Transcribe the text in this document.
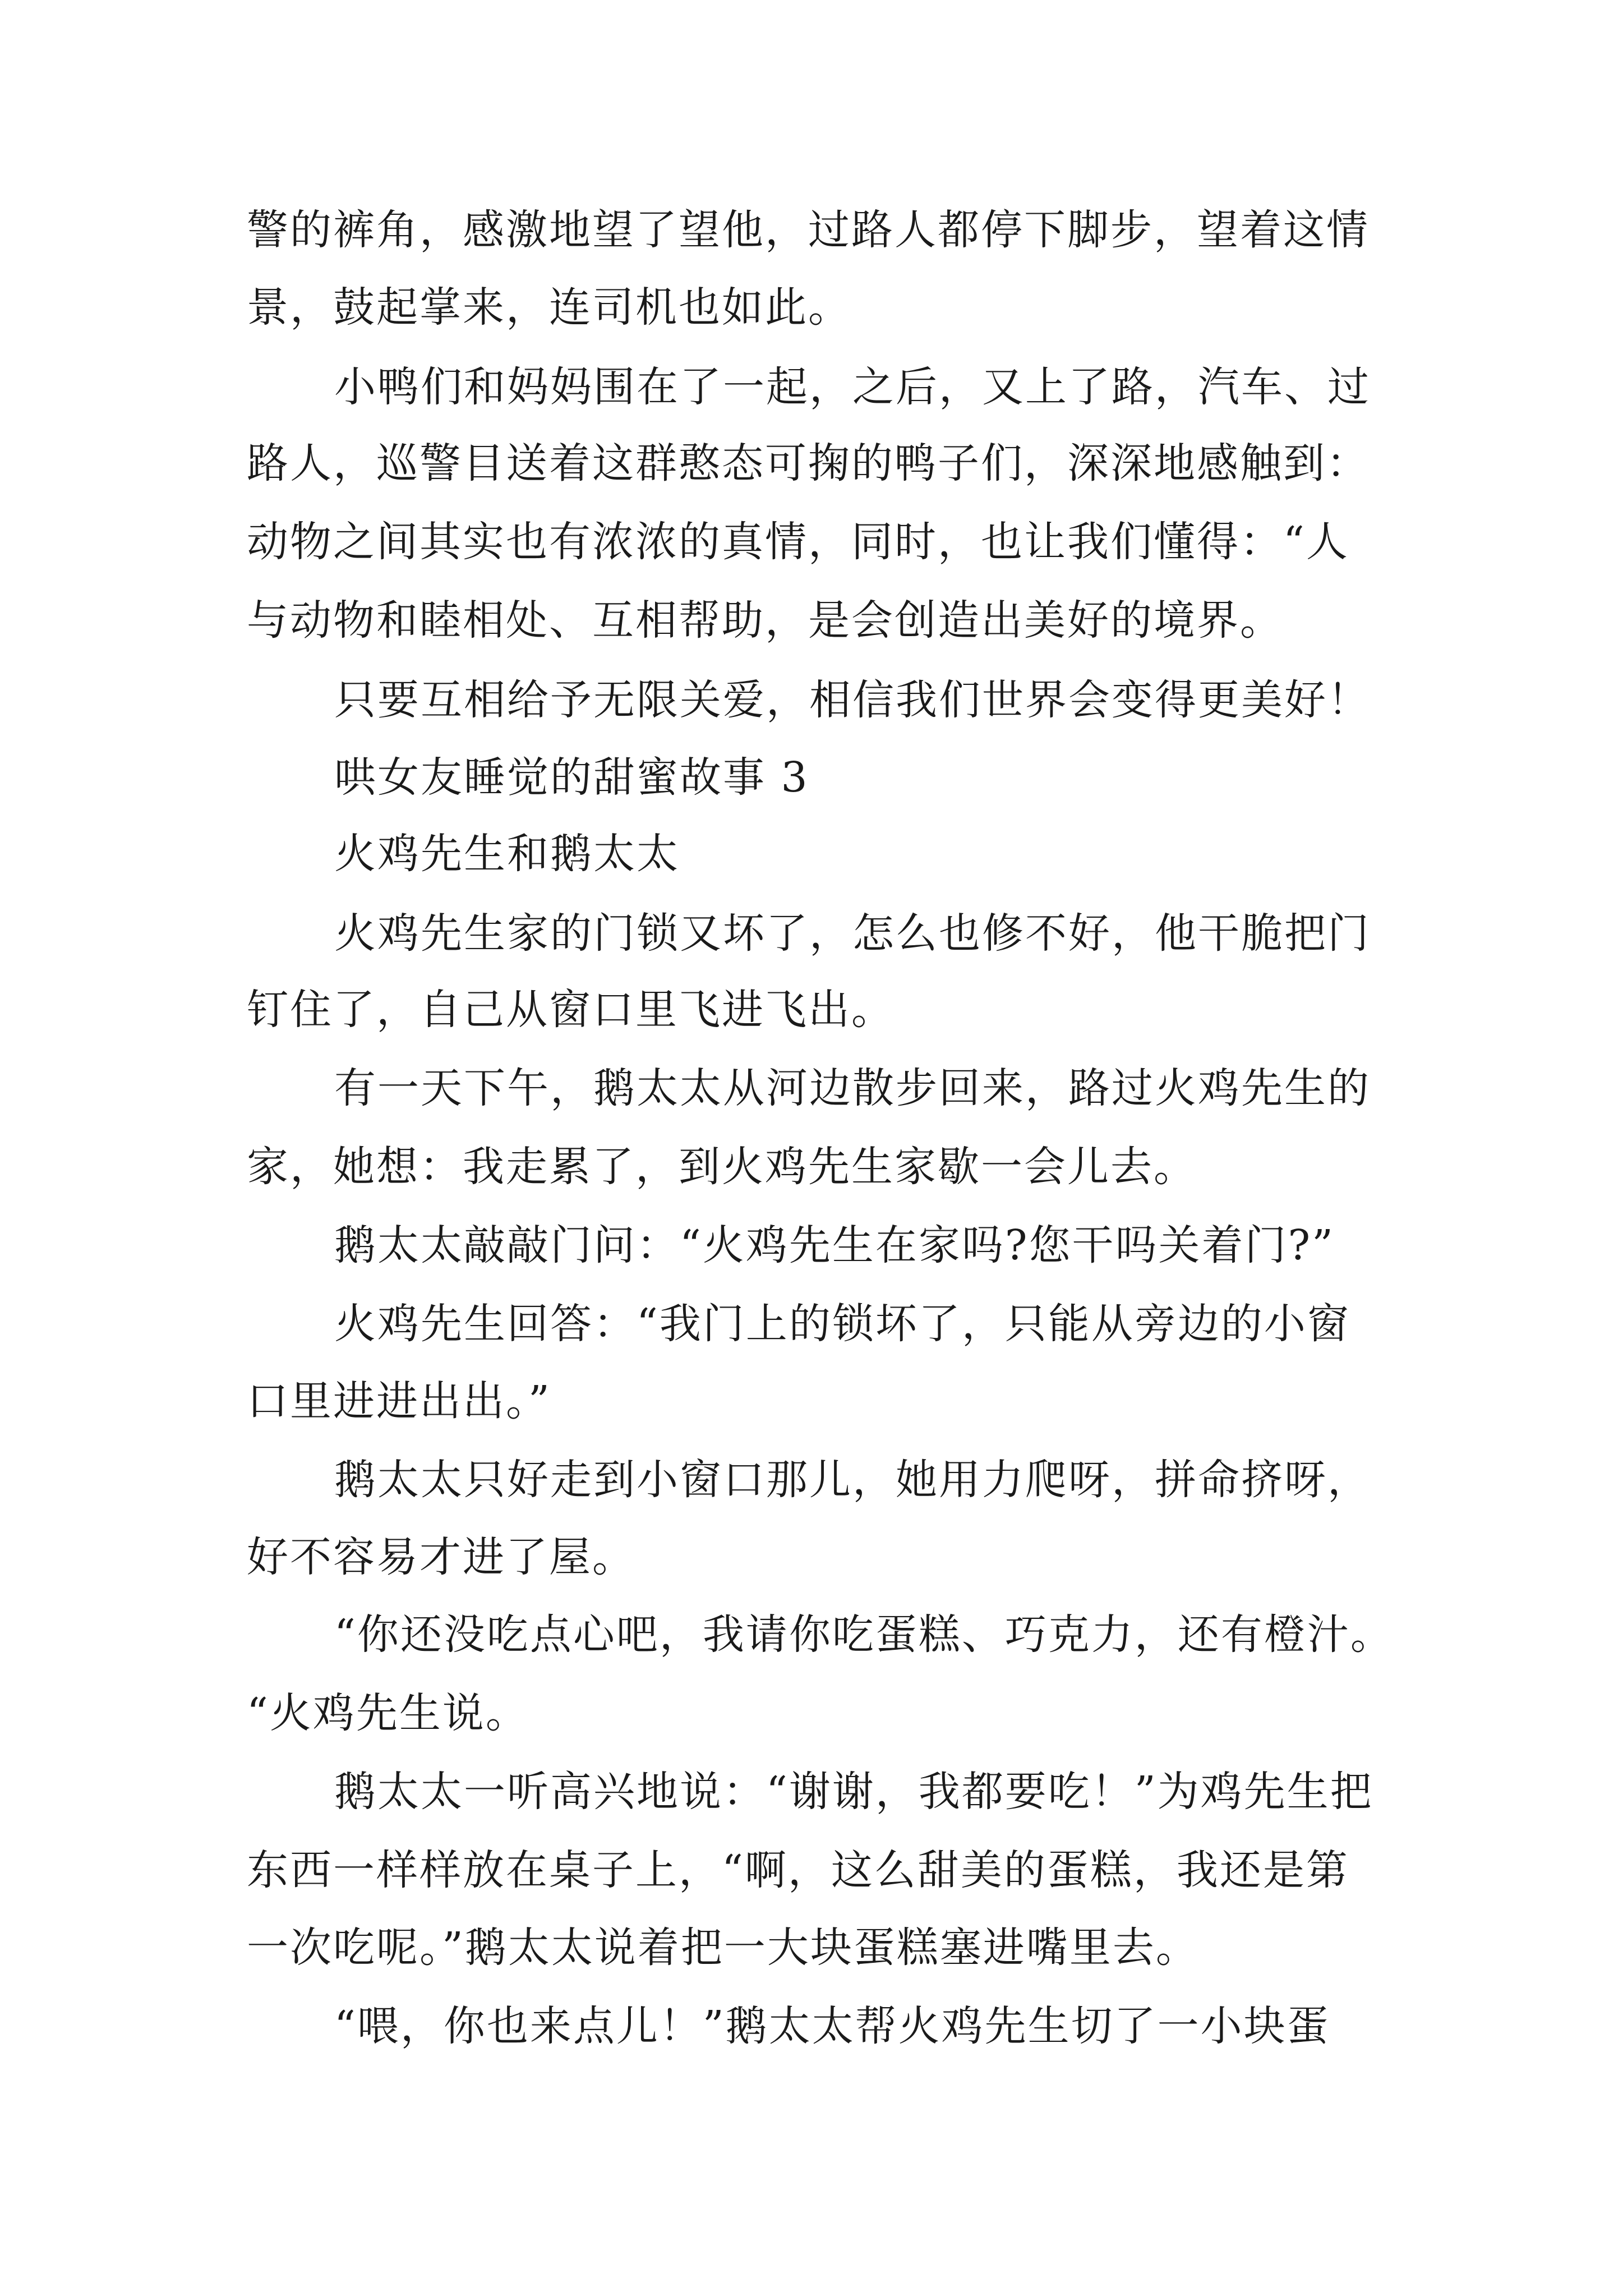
警的裤角，感激地望了望他，过路人都停下脚步，望着这情
景，鼓起掌来，连司机也如此。
小鸭们和妈妈围在了一起，之后，又上了路，汽车、过
路人，巡警目送着这群憨态可掬的鸭子们，深深地感触到：
动物之间其实也有浓浓的真情，同时，也让我们懂得：“人
与动物和睦相处、互相帮助，是会创造出美好的境界。
只要互相给予无限关爱，相信我们世界会变得更美好！
哄女友睡觉的甜蜜故事 3
火鸡先生和鹅太太
火鸡先生家的门锁又坏了，怎么也修不好，他干脆把门
钉住了，自己从窗口里飞进飞出。
有一天下午，鹅太太从河边散步回来，路过火鸡先生的
家，她想：我走累了，到火鸡先生家歇一会儿去。
鹅太太敲敲门问：“火鸡先生在家吗?您干吗关着门?”
火鸡先生回答：“我门上的锁坏了，只能从旁边的小窗
口里进进出出。”
鹅太太只好走到小窗口那儿，她用力爬呀，拼命挤呀，
好不容易才进了屋。
“你还没吃点心吧，我请你吃蛋糕、巧克力，还有橙汁。
“火鸡先生说。
鹅太太一听高兴地说：“谢谢，我都要吃！”为鸡先生把
东西一样样放在桌子上，“啊，这么甜美的蛋糕，我还是第
一次吃呢。”鹅太太说着把一大块蛋糕塞进嘴里去。
“喂，你也来点儿！”鹅太太帮火鸡先生切了一小块蛋
